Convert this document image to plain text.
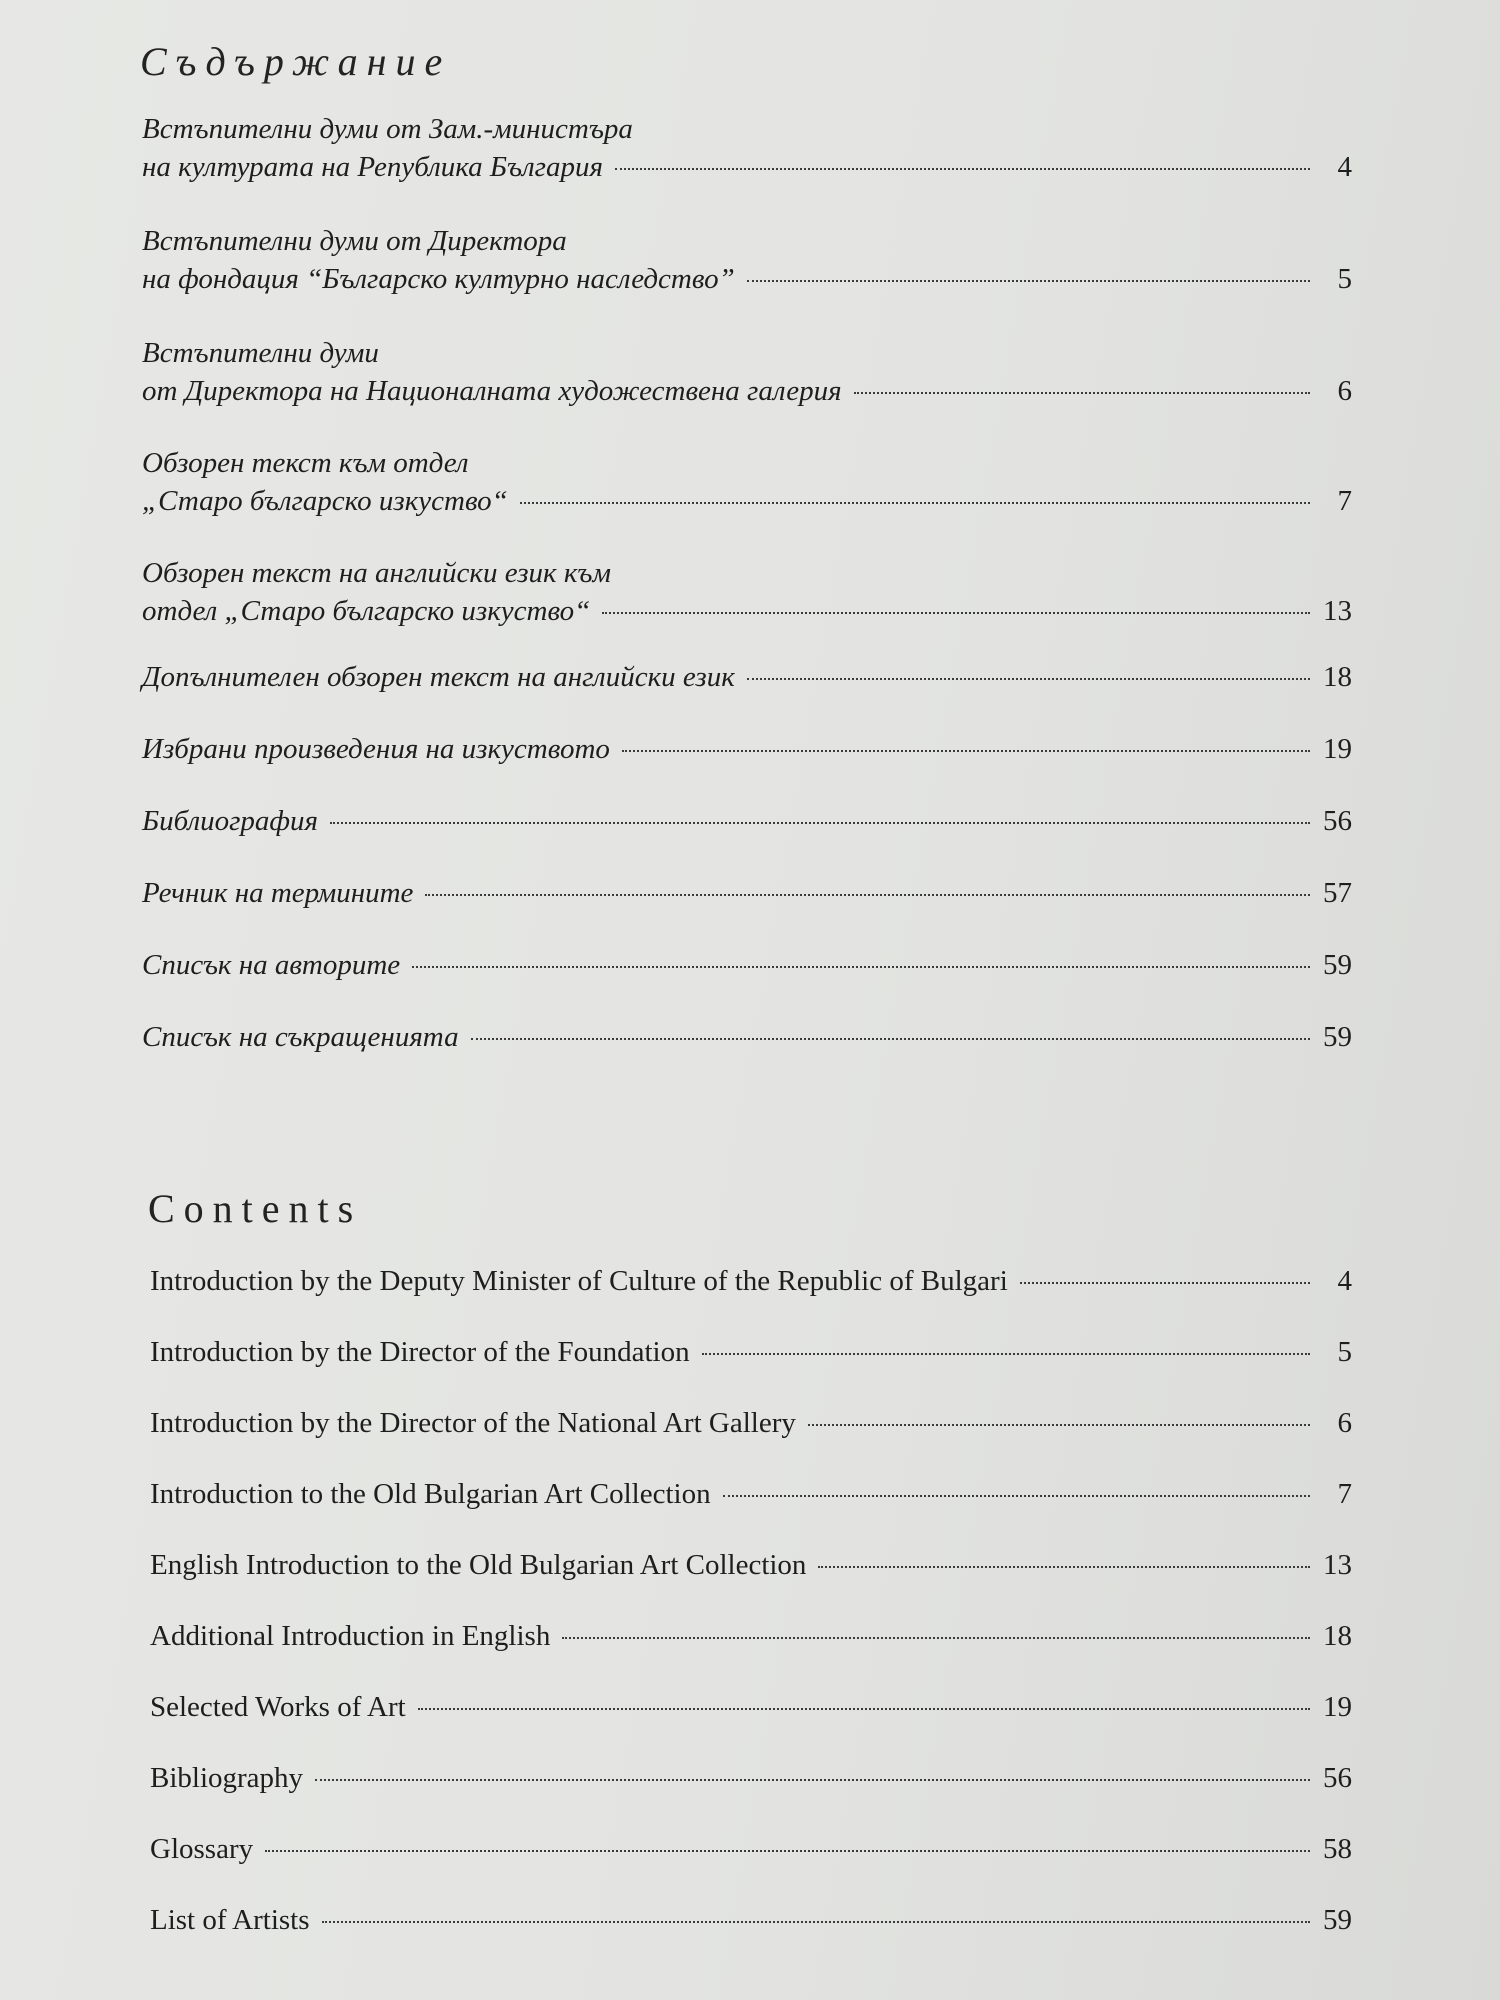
Съдържание
Встъпителни думи от Зам.-министъра
на културата на Република България	4
Встъпителни думи от Директора
на фондация “Българско културно наследство”	5
Встъпителни думи
от Директора на Националната художествена галерия	6
Обзорен текст към отдел
„Старо българско изкуство“	7
Обзорен текст на английски език към
отдел „Старо българско изкуство“	13
Допълнителен обзорен текст на английски език	18
Избрани произведения на изкуството	19
Библиография	56
Речник на термините	57
Списък на авторите	59
Списък на съкращенията	59
Contents
Introduction by the Deputy Minister of Culture of the Republic of Bulgari	4
Introduction by the Director of the Foundation	5
Introduction by the Director of the National Art Gallery	6
Introduction to the Old Bulgarian Art Collection	7
English Introduction to the Old Bulgarian Art Collection	13
Additional Introduction in English	18
Selected Works of Art	19
Bibliography	56
Glossary	58
List of Artists	59
